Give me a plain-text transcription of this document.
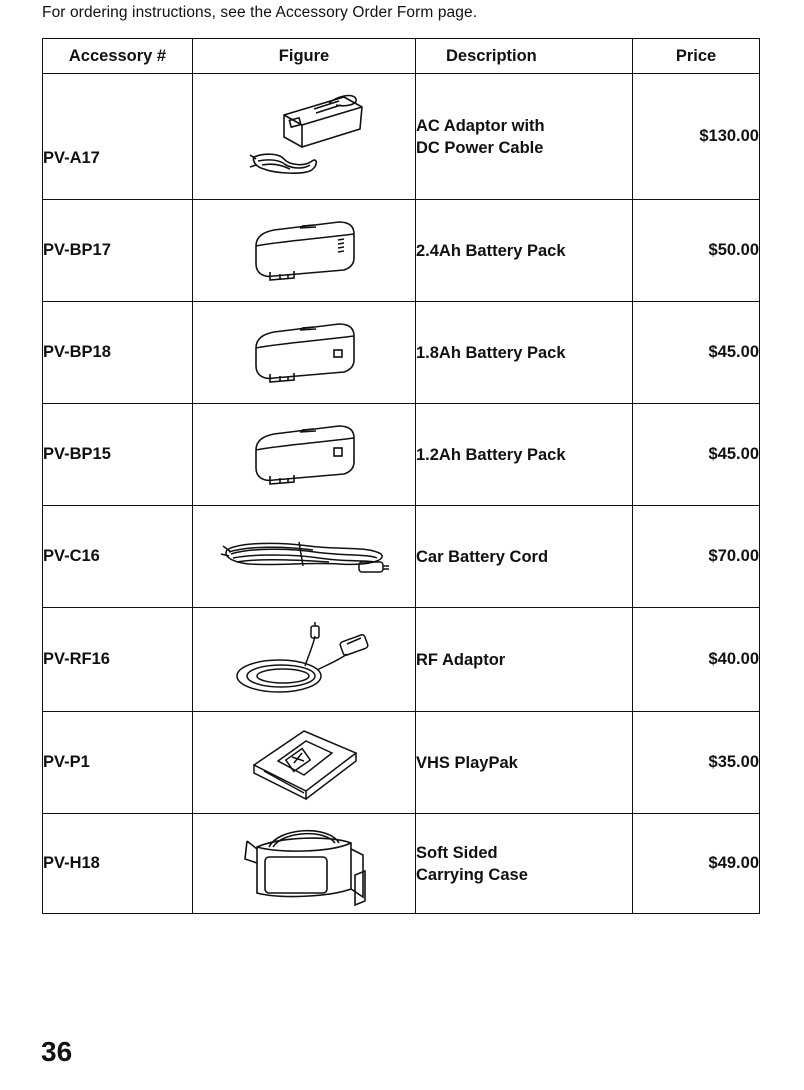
For ordering instructions, see the Accessory Order Form page.
Accessory #	Figure	Description	Price
PV-A17		AC Adaptor with
DC Power Cable	$130.00
PV-BP17		2.4Ah Battery Pack	$50.00
PV-BP18		1.8Ah Battery Pack	$45.00
PV-BP15		1.2Ah Battery Pack	$45.00
PV-C16		Car Battery Cord	$70.00
PV-RF16		RF Adaptor	$40.00
PV-P1		VHS PlayPak	$35.00
PV-H18		Soft Sided
Carrying Case	$49.00
36
